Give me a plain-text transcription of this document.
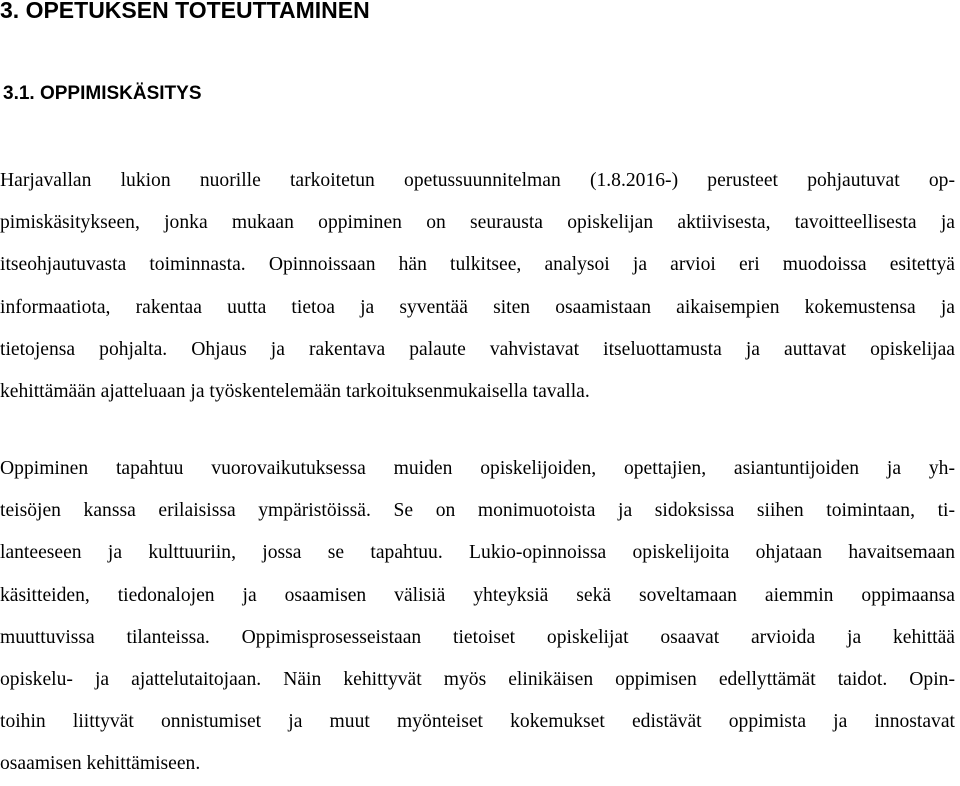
3. OPETUKSEN TOTEUTTAMINEN
3.1. OPPIMISKÄSITYS
Harjavallan lukion nuorille tarkoitetun opetussuunnitelman (1.8.2016-) perusteet pohjautuvat op-
pimiskäsitykseen, jonka mukaan oppiminen on seurausta opiskelijan aktiivisesta, tavoitteellisesta ja
itseohjautuvasta toiminnasta. Opinnoissaan hän tulkitsee, analysoi ja arvioi eri muodoissa esitettyä
informaatiota, rakentaa uutta tietoa ja syventää siten osaamistaan aikaisempien kokemustensa ja
tietojensa pohjalta. Ohjaus ja rakentava palaute vahvistavat itseluottamusta ja auttavat opiskelijaa
kehittämään ajatteluaan ja työskentelemään tarkoituksenmukaisella tavalla.
Oppiminen tapahtuu vuorovaikutuksessa muiden opiskelijoiden, opettajien, asiantuntijoiden ja yh-
teisöjen kanssa erilaisissa ympäristöissä. Se on monimuotoista ja sidoksissa siihen toimintaan, ti-
lanteeseen ja kulttuuriin, jossa se tapahtuu. Lukio-opinnoissa opiskelijoita ohjataan havaitsemaan
käsitteiden, tiedonalojen ja osaamisen välisiä yhteyksiä sekä soveltamaan aiemmin oppimaansa
muuttuvissa tilanteissa. Oppimisprosesseistaan tietoiset opiskelijat osaavat arvioida ja kehittää
opiskelu- ja ajattelutaitojaan. Näin kehittyvät myös elinikäisen oppimisen edellyttämät taidot. Opin-
toihin liittyvät onnistumiset ja muut myönteiset kokemukset edistävät oppimista ja innostavat
osaamisen kehittämiseen.
